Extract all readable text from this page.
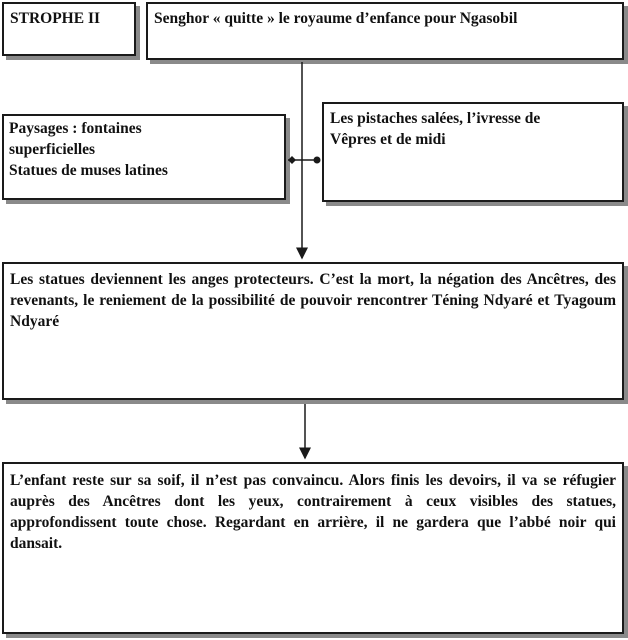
STROPHE II	Senghor « quitte » le royaume d’enfance pour Ngasobil
Paysages : fontaines
superficielles
Statues de muses latines
Les pistaches salées, l’ivresse de
Vêpres et de midi
Les statues deviennent les anges protecteurs. C’est la mort, la négation des Ancêtres, des revenants, le reniement de la possibilité de pouvoir rencontrer Téning Ndyaré et Tyagoum Ndyaré
L’enfant reste sur sa soif, il n’est pas convaincu. Alors finis les devoirs, il va se réfugier auprès des Ancêtres dont les yeux, contrairement à ceux visibles des statues, approfondissent toute chose. Regardant en arrière, il ne gardera que l’abbé noir qui dansait.
